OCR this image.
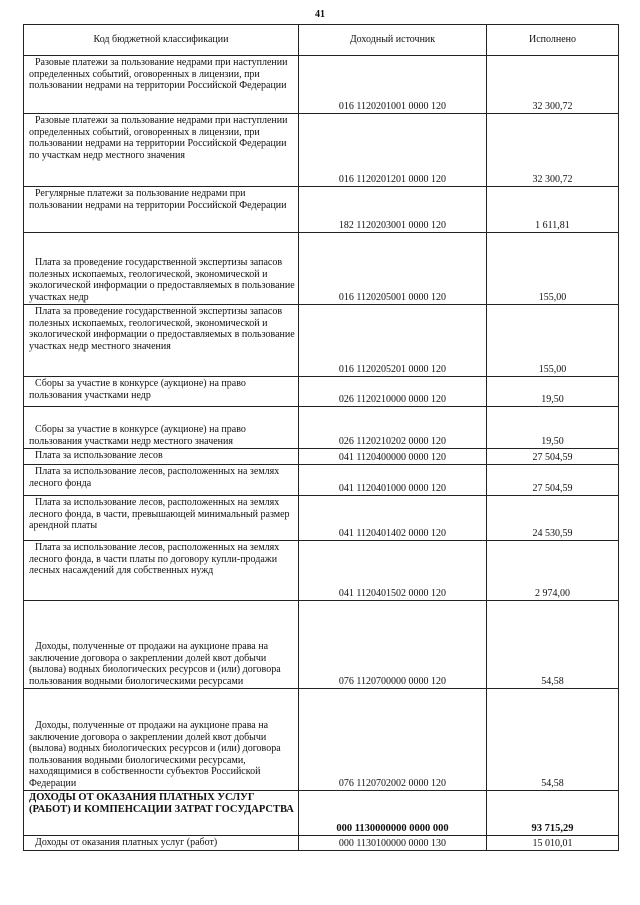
41
Код бюджетной классификации	Доходный источник	Исполнено
Разовые платежи за пользование недрами при наступлении определенных событий, оговоренных в лицензии, при пользовании недрами на территории Российской Федерации	016 1120201001 0000 120	32 300,72
Разовые платежи за пользование недрами при наступлении определенных событий, оговоренных в лицензии, при пользовании недрами на территории Российской Федерации по участкам недр местного значения	016 1120201201 0000 120	32 300,72
Регулярные платежи за пользование недрами при пользовании недрами на территории Российской Федерации	182 1120203001 0000 120	1 611,81
Плата за проведение государственной экспертизы запасов полезных ископаемых, геологической, экономической и экологической информации о предоставляемых в пользование участках недр	016 1120205001 0000 120	155,00
Плата за проведение государственной экспертизы запасов полезных ископаемых, геологической, экономической и экологической информации о предоставляемых в пользование участках недр местного значения	016 1120205201 0000 120	155,00
Сборы за участие в конкурсе (аукционе) на право пользования участками недр	026 1120210000 0000 120	19,50
Сборы за участие в конкурсе (аукционе) на право пользования участками недр местного значения	026 1120210202 0000 120	19,50
Плата за использование лесов	041 1120400000 0000 120	27 504,59
Плата за использование лесов, расположенных на землях лесного фонда	041 1120401000 0000 120	27 504,59
Плата за использование лесов, расположенных на землях лесного фонда, в части, превышающей минимальный размер арендной платы	041 1120401402 0000 120	24 530,59
Плата за использование лесов, расположенных на землях лесного фонда, в части платы по договору купли-продажи лесных насаждений для собственных нужд	041 1120401502 0000 120	2 974,00
Доходы, полученные от продажи на аукционе права на заключение договора о закреплении долей квот добычи (вылова) водных биологических ресурсов и (или) договора пользования водными биологическими ресурсами	076 1120700000 0000 120	54,58
Доходы, полученные от продажи на аукционе права на заключение договора о закреплении долей квот добычи (вылова) водных биологических ресурсов и (или) договора пользования водными биологическими ресурсами, находящимися в собственности субъектов Российской Федерации	076 1120702002 0000 120	54,58
ДОХОДЫ ОТ ОКАЗАНИЯ ПЛАТНЫХ УСЛУГ (РАБОТ) И КОМПЕНСАЦИИ ЗАТРАТ ГОСУДАРСТВА	000 1130000000 0000 000	93 715,29
Доходы от оказания платных услуг (работ)	000 1130100000 0000 130	15 010,01
